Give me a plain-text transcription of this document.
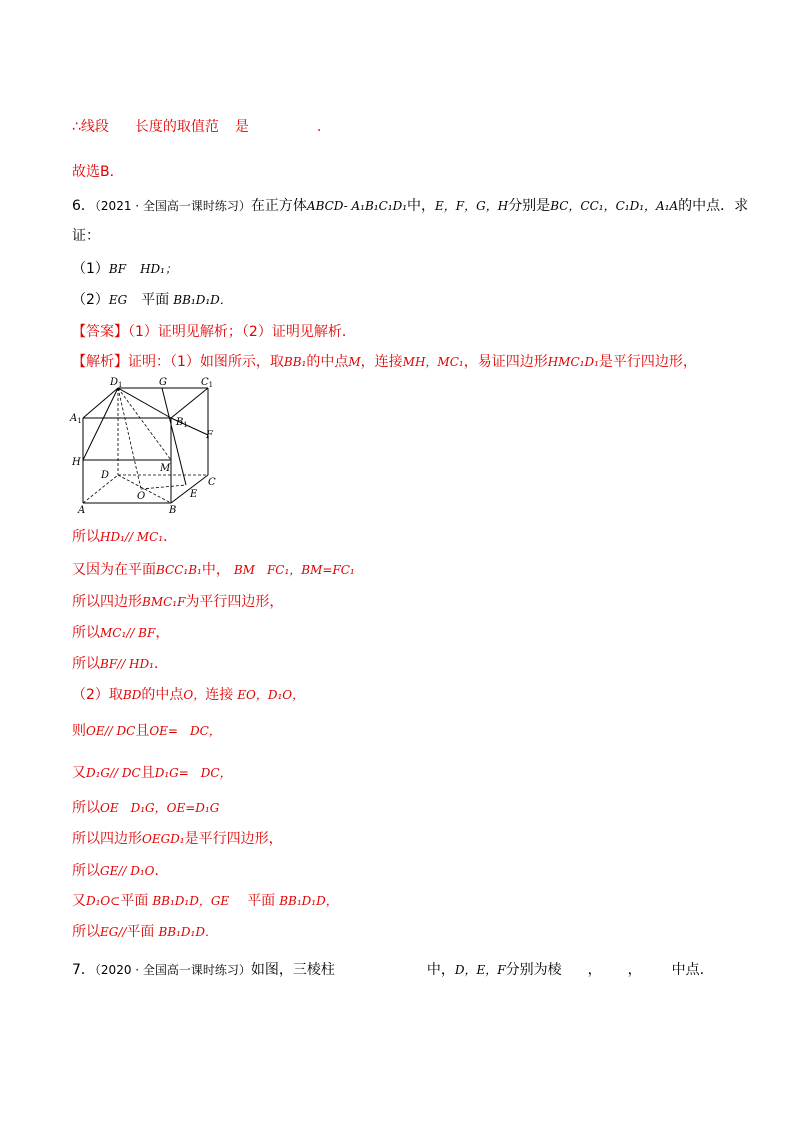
∴线段 长度的取值范 是	.
故选B．
6．（2021 · 全国高一课时练习）在正方体ABCD- A₁B₁C₁D₁中，E，F，G，H分别是BC，CC₁，C₁D₁，A₁A的中点．求
证：
（1）BF HD₁；
（2）EG 平面 BB₁D₁D．
【答案】（1）证明见解析；（2）证明见解析．
【解析】证明：（1）如图所示，取BB₁的中点M，连接MH，MC₁，易证四边形HMC₁D₁是平行四边形，
$D_1$	G	$C_1$
$A_1$	$B_1$
F
H
D
M
C
O	E
A	B
所以HD₁// MC₁．
又因为在平面BCC₁B₁中， BM　FC₁，BM=FC₁
所以四边形BMC₁F为平行四边形，
所以MC₁// BF，
所以BF// HD₁．
（2）取BD的中点O，连接 EO，D₁O，
则OE// DC且OE=　DC，
又D₁G// DC且D₁G=　DC，
所以OE　D₁G，OE=D₁G
所以四边形OEGD₁是平行四边形，
所以GE// D₁O．
又D₁O⊂平面 BB₁D₁D，GE　平面 BB₁D₁D，
所以EG//平面 BB₁D₁D．
7．（2020 · 全国高一课时练习）如图，三棱柱	中，D，E，F分别为棱 ， ， 中点.
